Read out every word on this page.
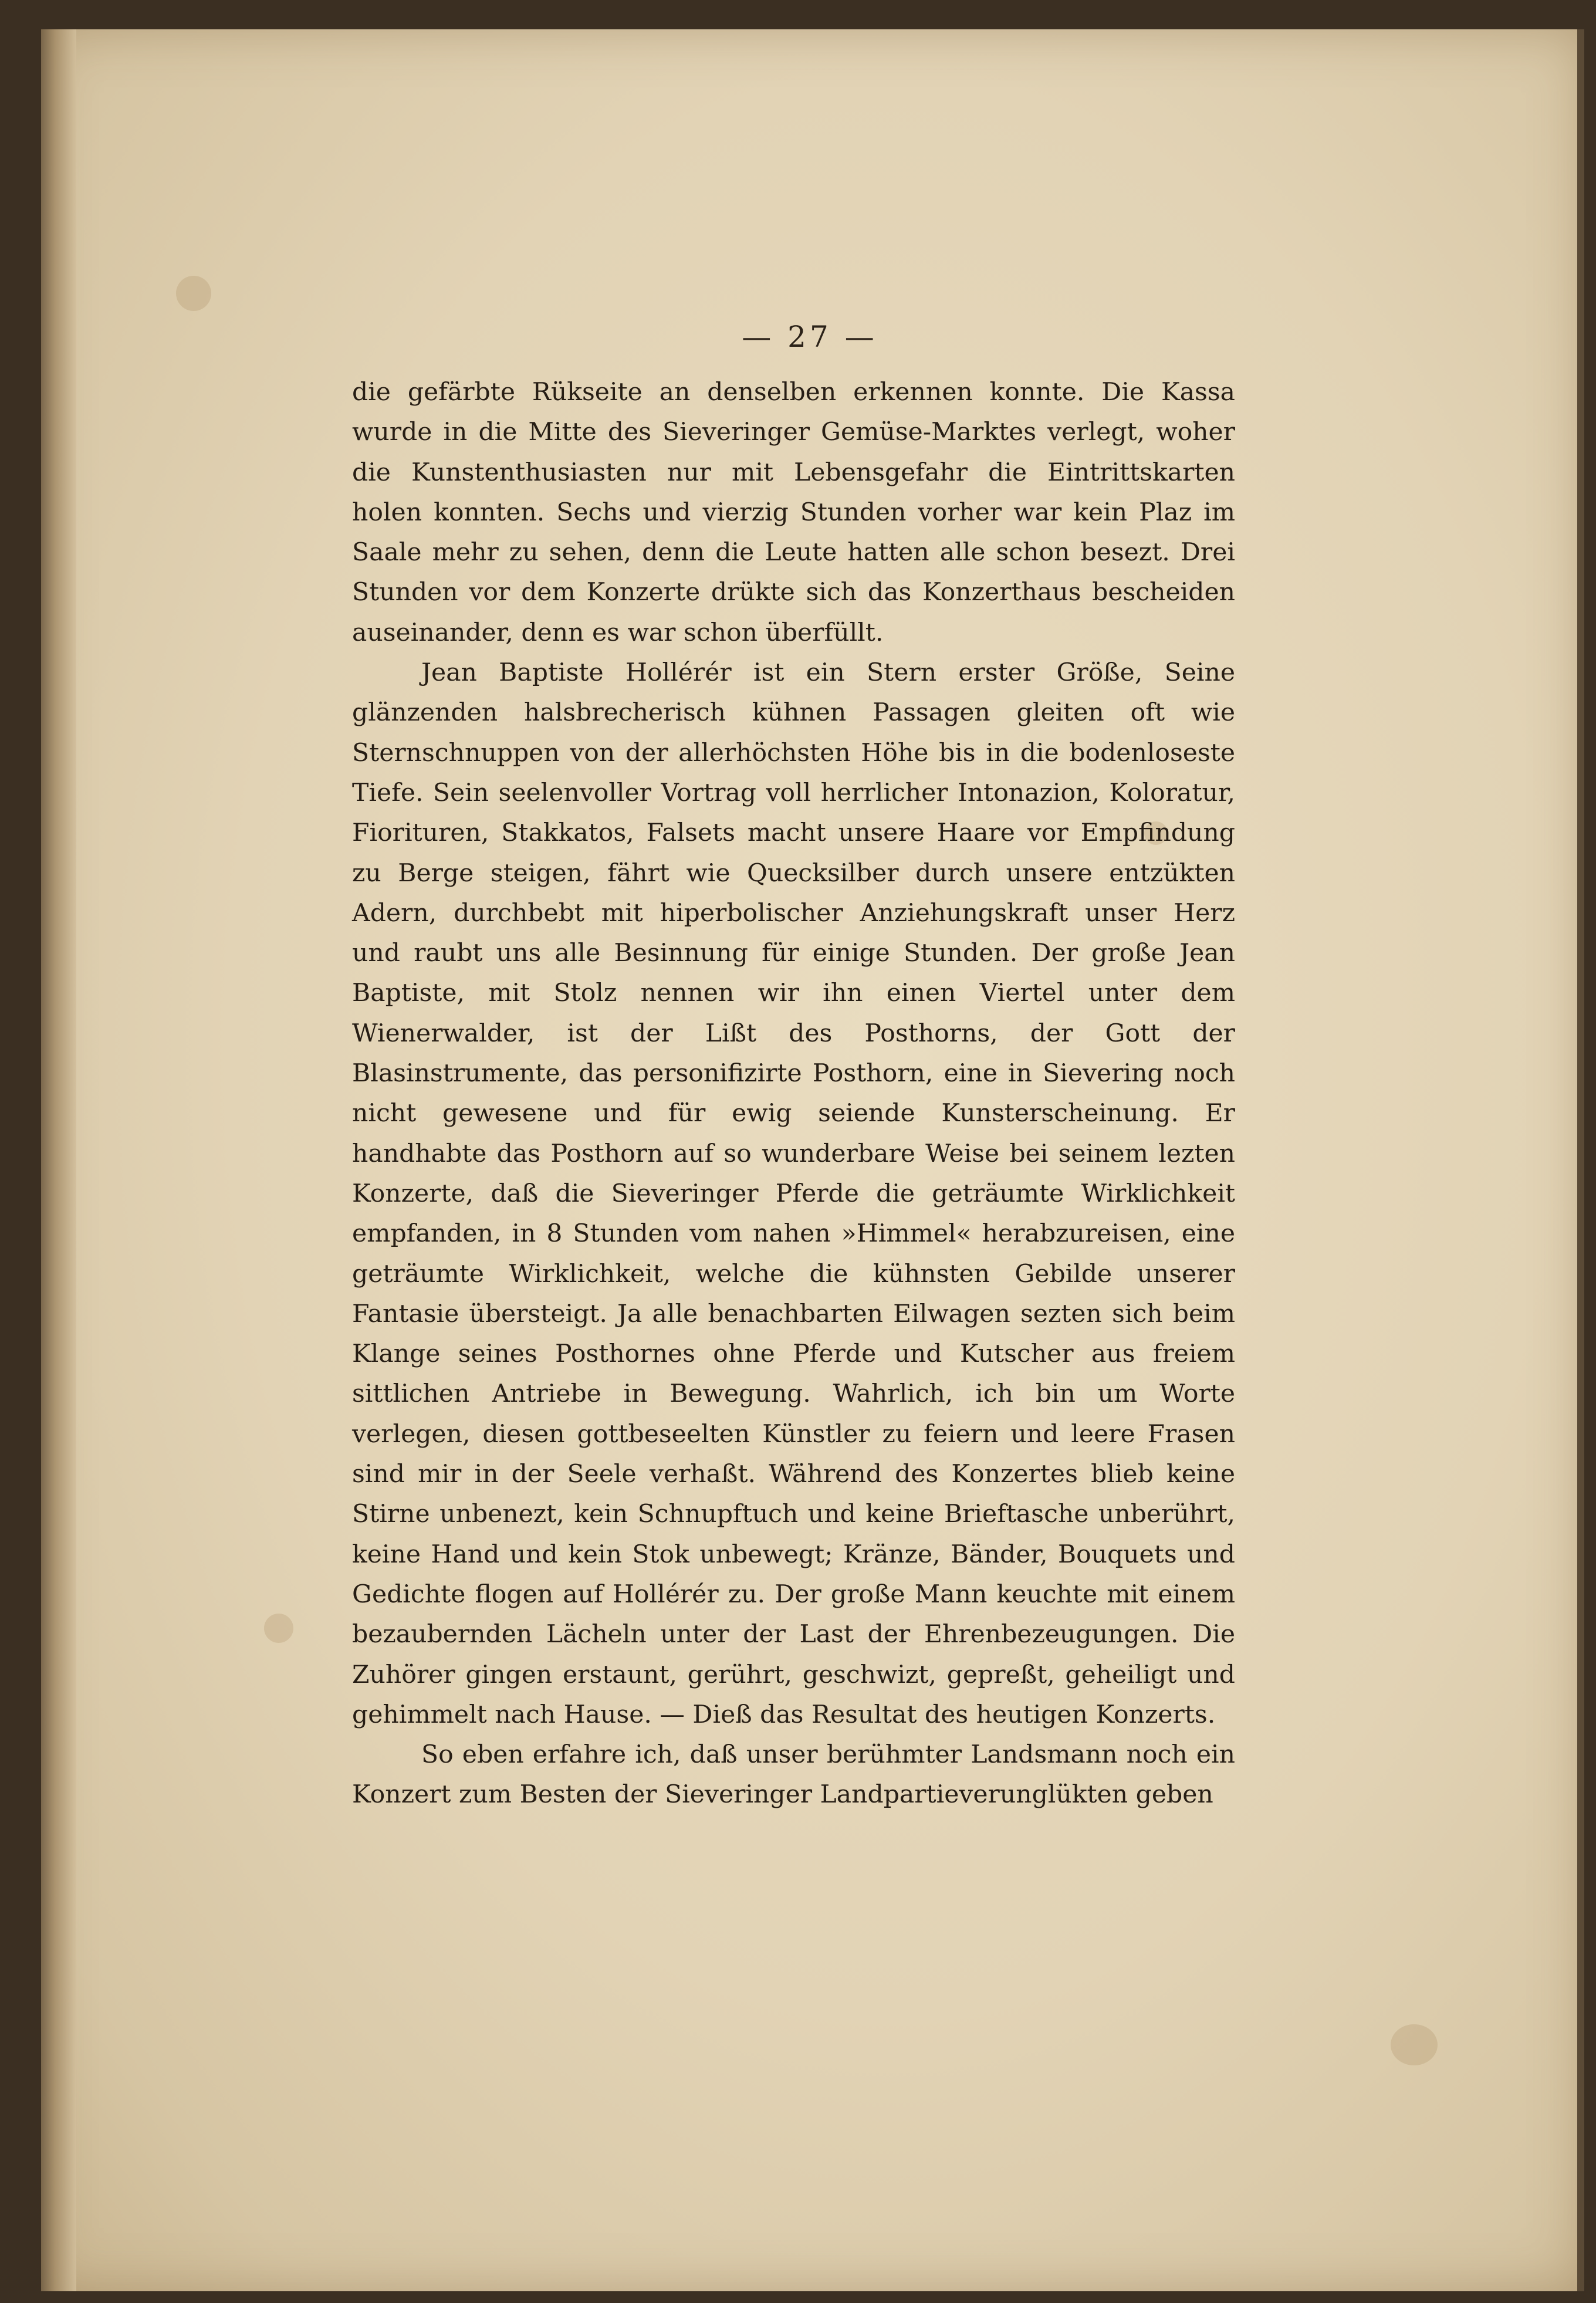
— 27 —

die gefärbte Rükseite an denselben erkennen konnte. Die Kassa wurde in die Mitte des Sieveringer Gemüse-Marktes verlegt, woher die Kunstenthusiasten nur mit Lebensgefahr die Eintrittskarten holen konnten. Sechs und vierzig Stunden vorher war kein Plaz im Saale mehr zu sehen, denn die Leute hatten alle schon besezt. Drei Stunden vor dem Konzerte drükte sich das Konzerthaus bescheiden auseinander, denn es war schon überfüllt.

Jean Baptiste Hollérér ist ein Stern erster Größe, Seine glänzenden halsbrecherisch kühnen Passagen gleiten oft wie Sternschnuppen von der allerhöchsten Höhe bis in die bodenloseste Tiefe. Sein seelenvoller Vortrag voll herrlicher Intonazion, Koloratur, Fiorituren, Stakkatos, Falsets macht unsere Haare vor Empfindung zu Berge steigen, fährt wie Quecksilber durch unsere entzükten Adern, durchbebt mit hiperbolischer Anziehungskraft unser Herz und raubt uns alle Besinnung für einige Stunden. Der große Jean Baptiste, mit Stolz nennen wir ihn einen Viertel unter dem Wienerwalder, ist der Lißt des Posthorns, der Gott der Blasinstrumente, das personifizirte Posthorn, eine in Sievering noch nicht gewesene und für ewig seiende Kunsterscheinung. Er handhabte das Posthorn auf so wunderbare Weise bei seinem lezten Konzerte, daß die Sieveringer Pferde die geträumte Wirklichkeit empfanden, in 8 Stunden vom nahen »Himmel« herabzureisen, eine geträumte Wirklichkeit, welche die kühnsten Gebilde unserer Fantasie übersteigt. Ja alle benachbarten Eilwagen sezten sich beim Klange seines Posthornes ohne Pferde und Kutscher aus freiem sittlichen Antriebe in Bewegung. Wahrlich, ich bin um Worte verlegen, diesen gottbeseelten Künstler zu feiern und leere Frasen sind mir in der Seele verhaßt. Während des Konzertes blieb keine Stirne unbenezt, kein Schnupftuch und keine Brieftasche unberührt, keine Hand und kein Stok unbewegt; Kränze, Bänder, Bouquets und Gedichte flogen auf Hollérér zu. Der große Mann keuchte mit einem bezaubernden Lächeln unter der Last der Ehrenbezeugungen. Die Zuhörer gingen erstaunt, gerührt, geschwizt, gepreßt, geheiligt und gehimmelt nach Hause. — Dieß das Resultat des heutigen Konzerts.

So eben erfahre ich, daß unser berühmter Landsmann noch ein Konzert zum Besten der Sieveringer Landpartieverunglükten geben
